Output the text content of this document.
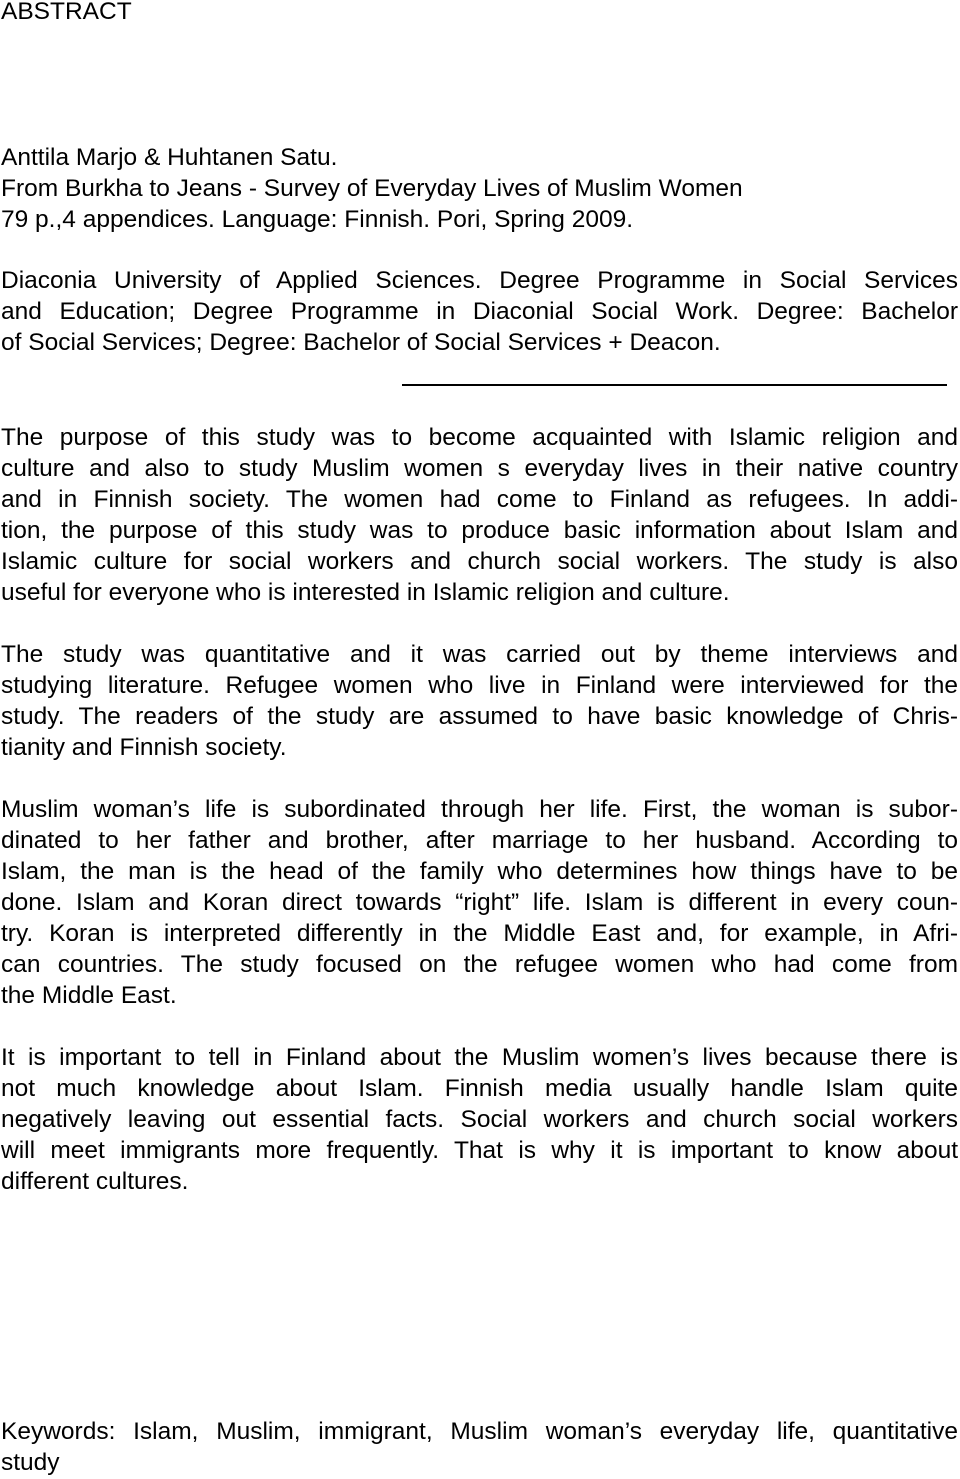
ABSTRACT
Anttila Marjo & Huhtanen Satu.
From Burkha to Jeans - Survey of Everyday Lives of Muslim Women
79 p.,4 appendices. Language: Finnish. Pori, Spring 2009.
Diaconia University of Applied Sciences. Degree Programme in Social Services
and Education; Degree Programme in Diaconial Social Work. Degree: Bachelor
of Social Services; Degree: Bachelor of Social Services + Deacon.
The purpose of this study was to become acquainted with Islamic religion and
culture and also to study Muslim women s everyday lives in their native country
and in Finnish society. The women had come to Finland as refugees. In addi-
tion, the purpose of this study was to produce basic information about Islam and
Islamic culture for social workers and church social workers. The study is also
useful for everyone who is interested in Islamic religion and culture.
The study was quantitative and it was carried out by theme interviews and
studying literature. Refugee women who live in Finland were interviewed for the
study. The readers of the study are assumed to have basic knowledge of Chris-
tianity and Finnish society.
Muslim woman’s life is subordinated through her life. First, the woman is subor-
dinated to her father and brother, after marriage to her husband. According to
Islam, the man is the head of the family who determines how things have to be
done. Islam and Koran direct towards “right” life. Islam is different in every coun-
try. Koran is interpreted differently in the Middle East and, for example, in Afri-
can countries. The study focused on the refugee women who had come from
the Middle East.
It is important to tell in Finland about the Muslim women’s lives because there is
not much knowledge about Islam. Finnish media usually handle Islam quite
negatively leaving out essential facts. Social workers and church social workers
will meet immigrants more frequently. That is why it is important to know about
different cultures.
Keywords: Islam, Muslim, immigrant, Muslim woman’s everyday life, quantitative
study
